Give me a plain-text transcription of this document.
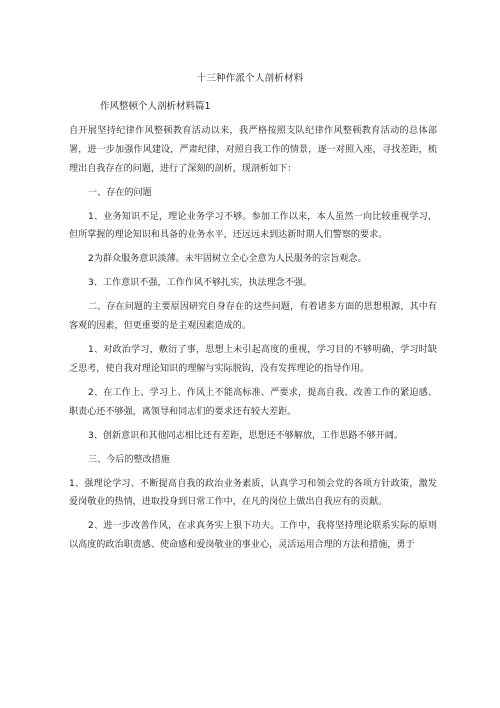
十三种作派个人剖析材料
作风整顿个人剖析材料篇1

自开展坚持纪律作风整顿教育活动以来，我严格按照支队纪律作风整顿教育活动的总体部署，进一步加强作风建设，严肃纪律，对照自我工作的情景，逐一对照入座，寻找差距，梳理出自我存在的问题，进行了深刻的剖析，现剖析如下：

一、存在的问题

1、业务知识不足，理论业务学习不够。参加工作以来，本人虽然一向比较重视学习，但所掌握的理论知识和具备的业务水平，还远远未到达新时期人们警察的要求。

2为群众服务意识淡薄。未牢固树立全心全意为人民服务的宗旨观念。

3、工作意识不强，工作作风不够扎实，执法理念不强。

二、存在问题的主要原因研究自身存在的这些问题，有着诸多方面的思想根源，其中有客观的因素，但更重要的是主观因素造成的。

1、对政治学习，敷衍了事，思想上未引起高度的重视，学习目的不够明确，学习时缺乏思考，使自我对理论知识的理解与实际脱钩，没有发挥理论的指导作用。

2、在工作上、学习上、作风上不能高标准、严要求，提高自我、改善工作的紧迫感、职责心还不够强，离领导和同志们的要求还有较大差距。

3、创新意识和其他同志相比还有差距，思想还不够解放，工作思路不够开阔。

三、今后的整改措施

1、强理论学习、不断提高自我的政治业务素质，认真学习和领会党的各项方针政策，激发爱岗敬业的热情，进取投身到日常工作中，在凡的岗位上做出自我应有的贡献。

2、进一步改善作风，在求真务实上狠下功夫。工作中，我将坚持理论联系实际的原则以高度的政治职责感、使命感和爱岗敬业的事业心，灵活运用合理的方法和措施，勇于
